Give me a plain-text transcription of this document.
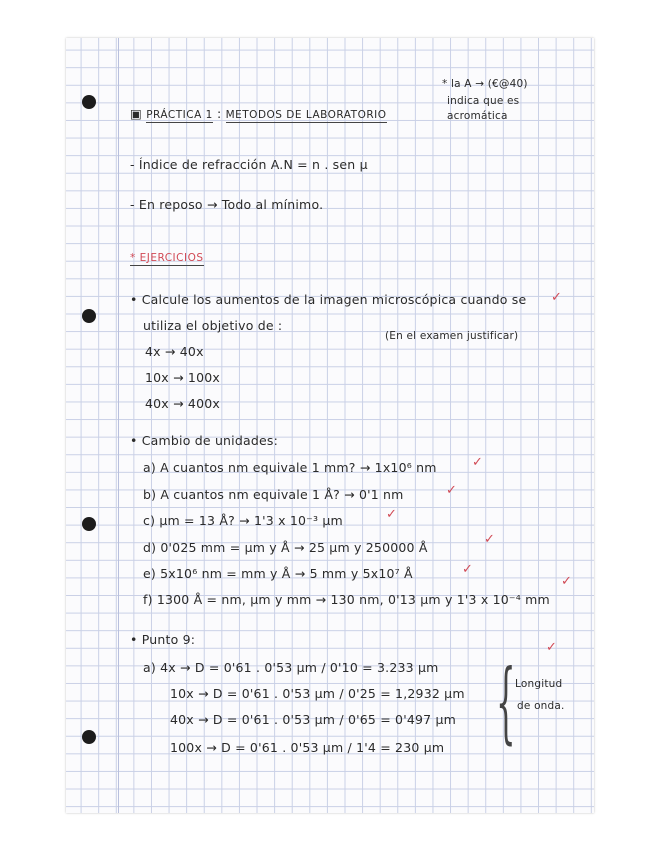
* la A → (€@40)
indica que es
acromática
▣ PRÁCTICA 1 : METODOS DE LABORATORIO
- Índice de refracción A.N = n . sen μ
- En reposo → Todo al mínimo.
* EJERCICIOS
• Calcule los aumentos de la imagen microscópica cuando se ✓
utiliza el objetivo de :
(En el examen justificar)
4x → 40x
10x → 100x
40x → 400x
• Cambio de unidades:
a) A cuantos nm equivale 1 mm? → 1x10⁶ nm	✓
b) A cuantos nm equivale 1 Å? → 0'1 nm	✓
c) μm = 13 Å? → 1'3 x 10⁻³ μm	✓
d) 0'025 mm = μm y Å → 25 μm y 250000 Å
✓
e) 5x10⁶ nm = mm y Å → 5 mm y 5x10⁷ Å	✓
f) 1300 Å = nm, μm y mm → 130 nm, 0'13 μm y 1'3 x 10⁻⁴ mm
✓
• Punto 9:
✓
a) 4x → D = 0'61 . 0'53 μm / 0'10 = 3.233 μm
10x → D = 0'61 . 0'53 μm / 0'25 = 1,2932 μm
40x → D = 0'61 . 0'53 μm / 0'65 = 0'497 μm
100x → D = 0'61 . 0'53 μm / 1'4 = 230 μm { Longitud
de onda.
